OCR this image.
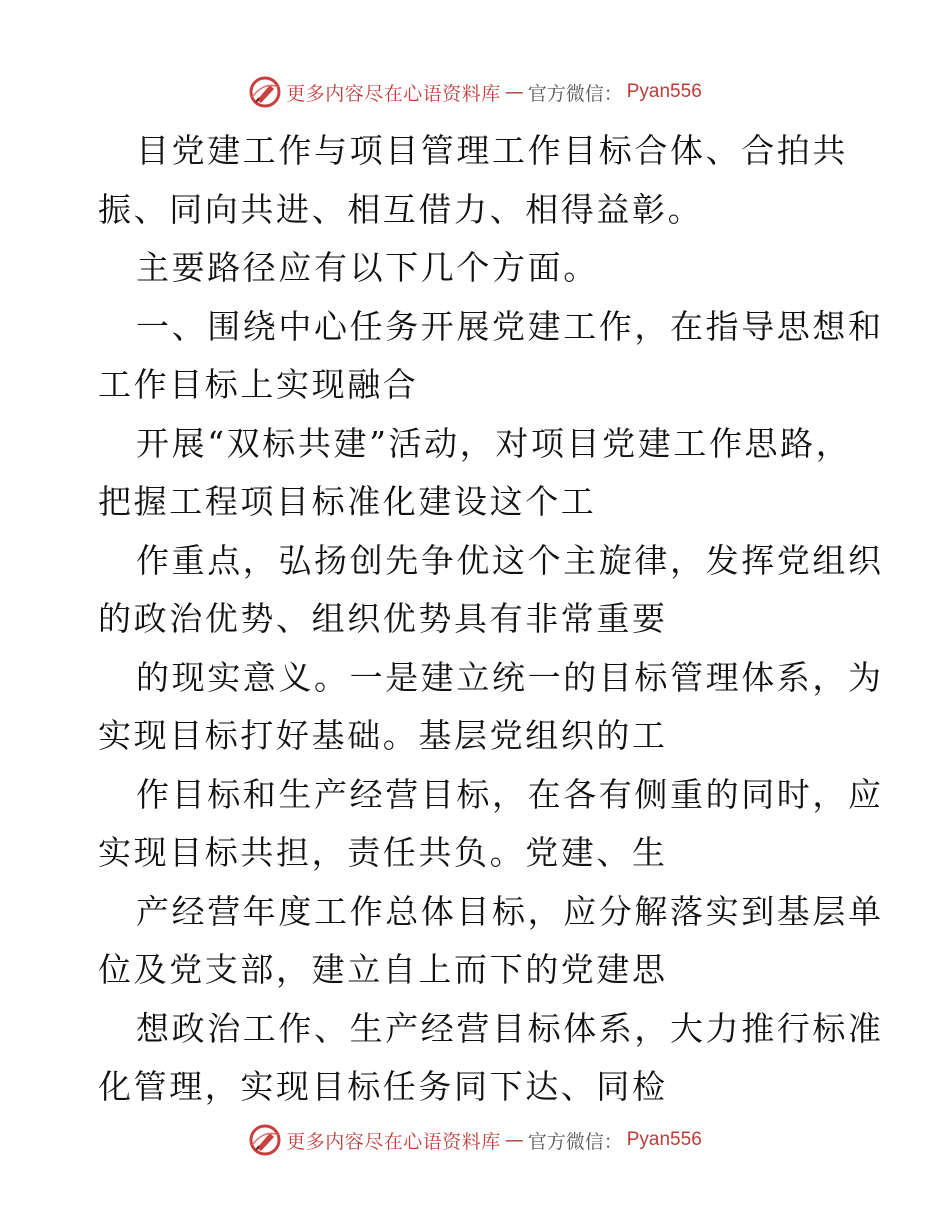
更多内容尽在心语资料库 — 官方微信： Pyan556
目党建工作与项目管理工作目标合体、合拍共
振、同向共进、相互借力、相得益彰。
主要路径应有以下几个方面。
一、围绕中心任务开展党建工作，在指导思想和
工作目标上实现融合
开展“双标共建”活动，对项目党建工作思路，
把握工程项目标准化建设这个工
作重点，弘扬创先争优这个主旋律，发挥党组织
的政治优势、组织优势具有非常重要
的现实意义。一是建立统一的目标管理体系，为
实现目标打好基础。基层党组织的工
作目标和生产经营目标，在各有侧重的同时，应
实现目标共担，责任共负。党建、生
产经营年度工作总体目标，应分解落实到基层单
位及党支部，建立自上而下的党建思
想政治工作、生产经营目标体系，大力推行标准
化管理，实现目标任务同下达、同检
更多内容尽在心语资料库 — 官方微信： Pyan556
